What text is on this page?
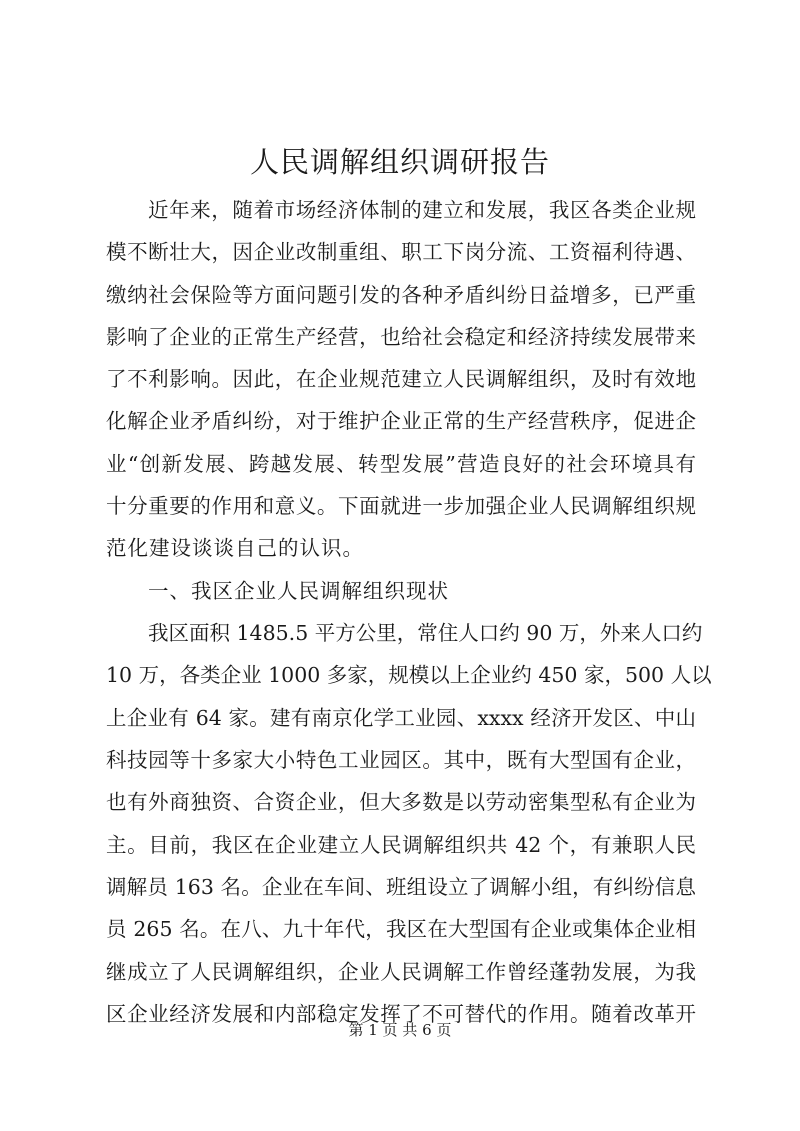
人民调解组织调研报告

近年来，随着市场经济体制的建立和发展，我区各类企业规

模不断壮大，因企业改制重组、职工下岗分流、工资福利待遇、

缴纳社会保险等方面问题引发的各种矛盾纠纷日益增多，已严重

影响了企业的正常生产经营，也给社会稳定和经济持续发展带来

了不利影响。因此，在企业规范建立人民调解组织，及时有效地

化解企业矛盾纠纷，对于维护企业正常的生产经营秩序，促进企

业“创新发展、跨越发展、转型发展”营造良好的社会环境具有

十分重要的作用和意义。下面就进一步加强企业人民调解组织规

范化建设谈谈自己的认识。

一、我区企业人民调解组织现状

我区面积 1485.5 平方公里，常住人口约 90 万，外来人口约

10 万，各类企业 1000 多家，规模以上企业约 450 家，500 人以

上企业有 64 家。建有南京化学工业园、xxxx 经济开发区、中山

科技园等十多家大小特色工业园区。其中，既有大型国有企业，

也有外商独资、合资企业，但大多数是以劳动密集型私有企业为

主。目前，我区在企业建立人民调解组织共 42 个，有兼职人民

调解员 163 名。企业在车间、班组设立了调解小组，有纠纷信息

员 265 名。在八、九十年代，我区在大型国有企业或集体企业相

继成立了人民调解组织，企业人民调解工作曾经蓬勃发展，为我

区企业经济发展和内部稳定发挥了不可替代的作用。随着改革开

第 1 页 共 6 页
